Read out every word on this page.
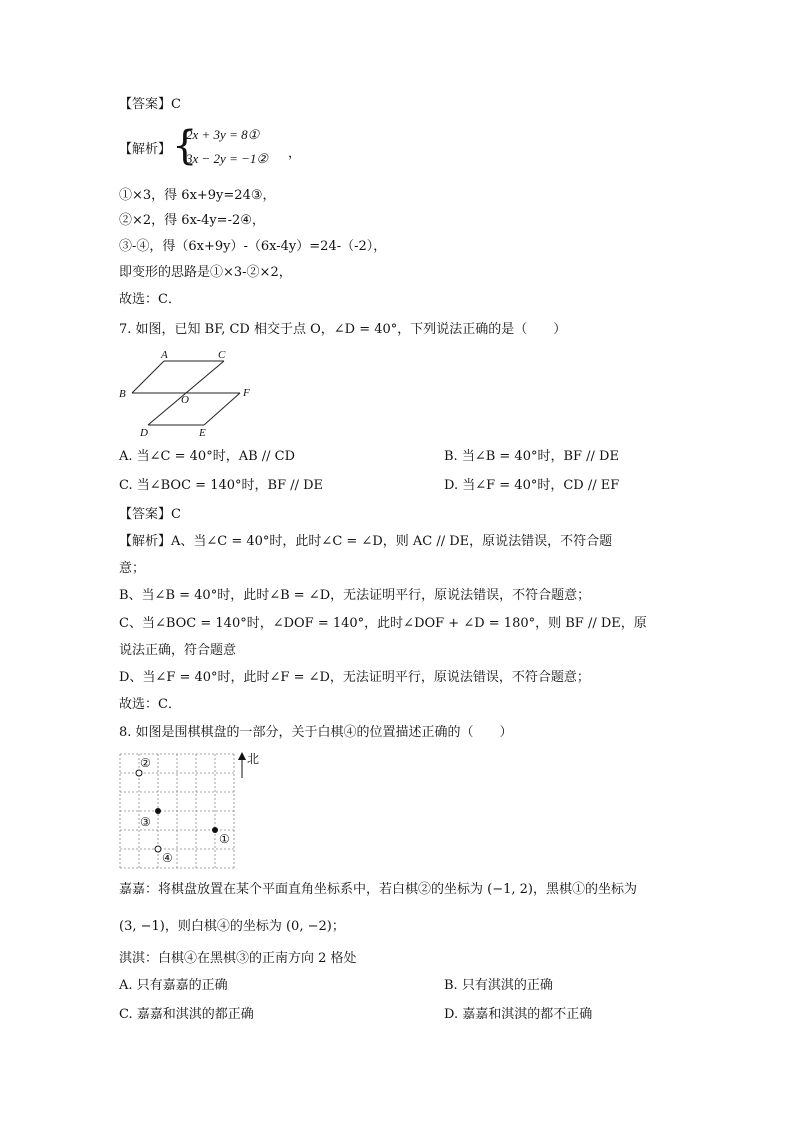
【答案】C
【解析】 {
2x + 3y = 8①
3x − 2y = −1② ，
①×3，得 6x+9y=24③，
②×2，得 6x-4y=-2④，
③-④，得（6x+9y）-（6x-4y）=24-（-2），
即变形的思路是①×3-②×2，
故选：C．
7. 如图，已知 BF, CD 相交于点 O，∠D = 40°，下列说法正确的是（　　）
A	C
B	O
F
D	E
A. 当∠C = 40°时，AB // CD	B. 当∠B = 40°时，BF // DE
C. 当∠BOC = 140°时，BF // DE	D. 当∠F = 40°时，CD // EF
【答案】C
【解析】A、当∠C = 40°时，此时∠C = ∠D，则 AC // DE，原说法错误，不符合题
意；
B、当∠B = 40°时，此时∠B = ∠D，无法证明平行，原说法错误，不符合题意；
C、当∠BOC = 140°时，∠DOF = 140°，此时∠DOF + ∠D = 180°，则 BF // DE，原
说法正确，符合题意
D、当∠F = 40°时，此时∠F = ∠D，无法证明平行，原说法错误，不符合题意；
故选：C．
8. 如图是围棋棋盘的一部分，关于白棋④的位置描述正确的（　　）
北
②
③
①
④
嘉嘉：将棋盘放置在某个平面直角坐标系中，若白棋②的坐标为 (−1, 2)，黑棋①的坐标为
(3, −1)，则白棋④的坐标为 (0, −2)；
淇淇：白棋④在黑棋③的正南方向 2 格处
A. 只有嘉嘉的正确	B. 只有淇淇的正确
C. 嘉嘉和淇淇的都正确	D. 嘉嘉和淇淇的都不正确
